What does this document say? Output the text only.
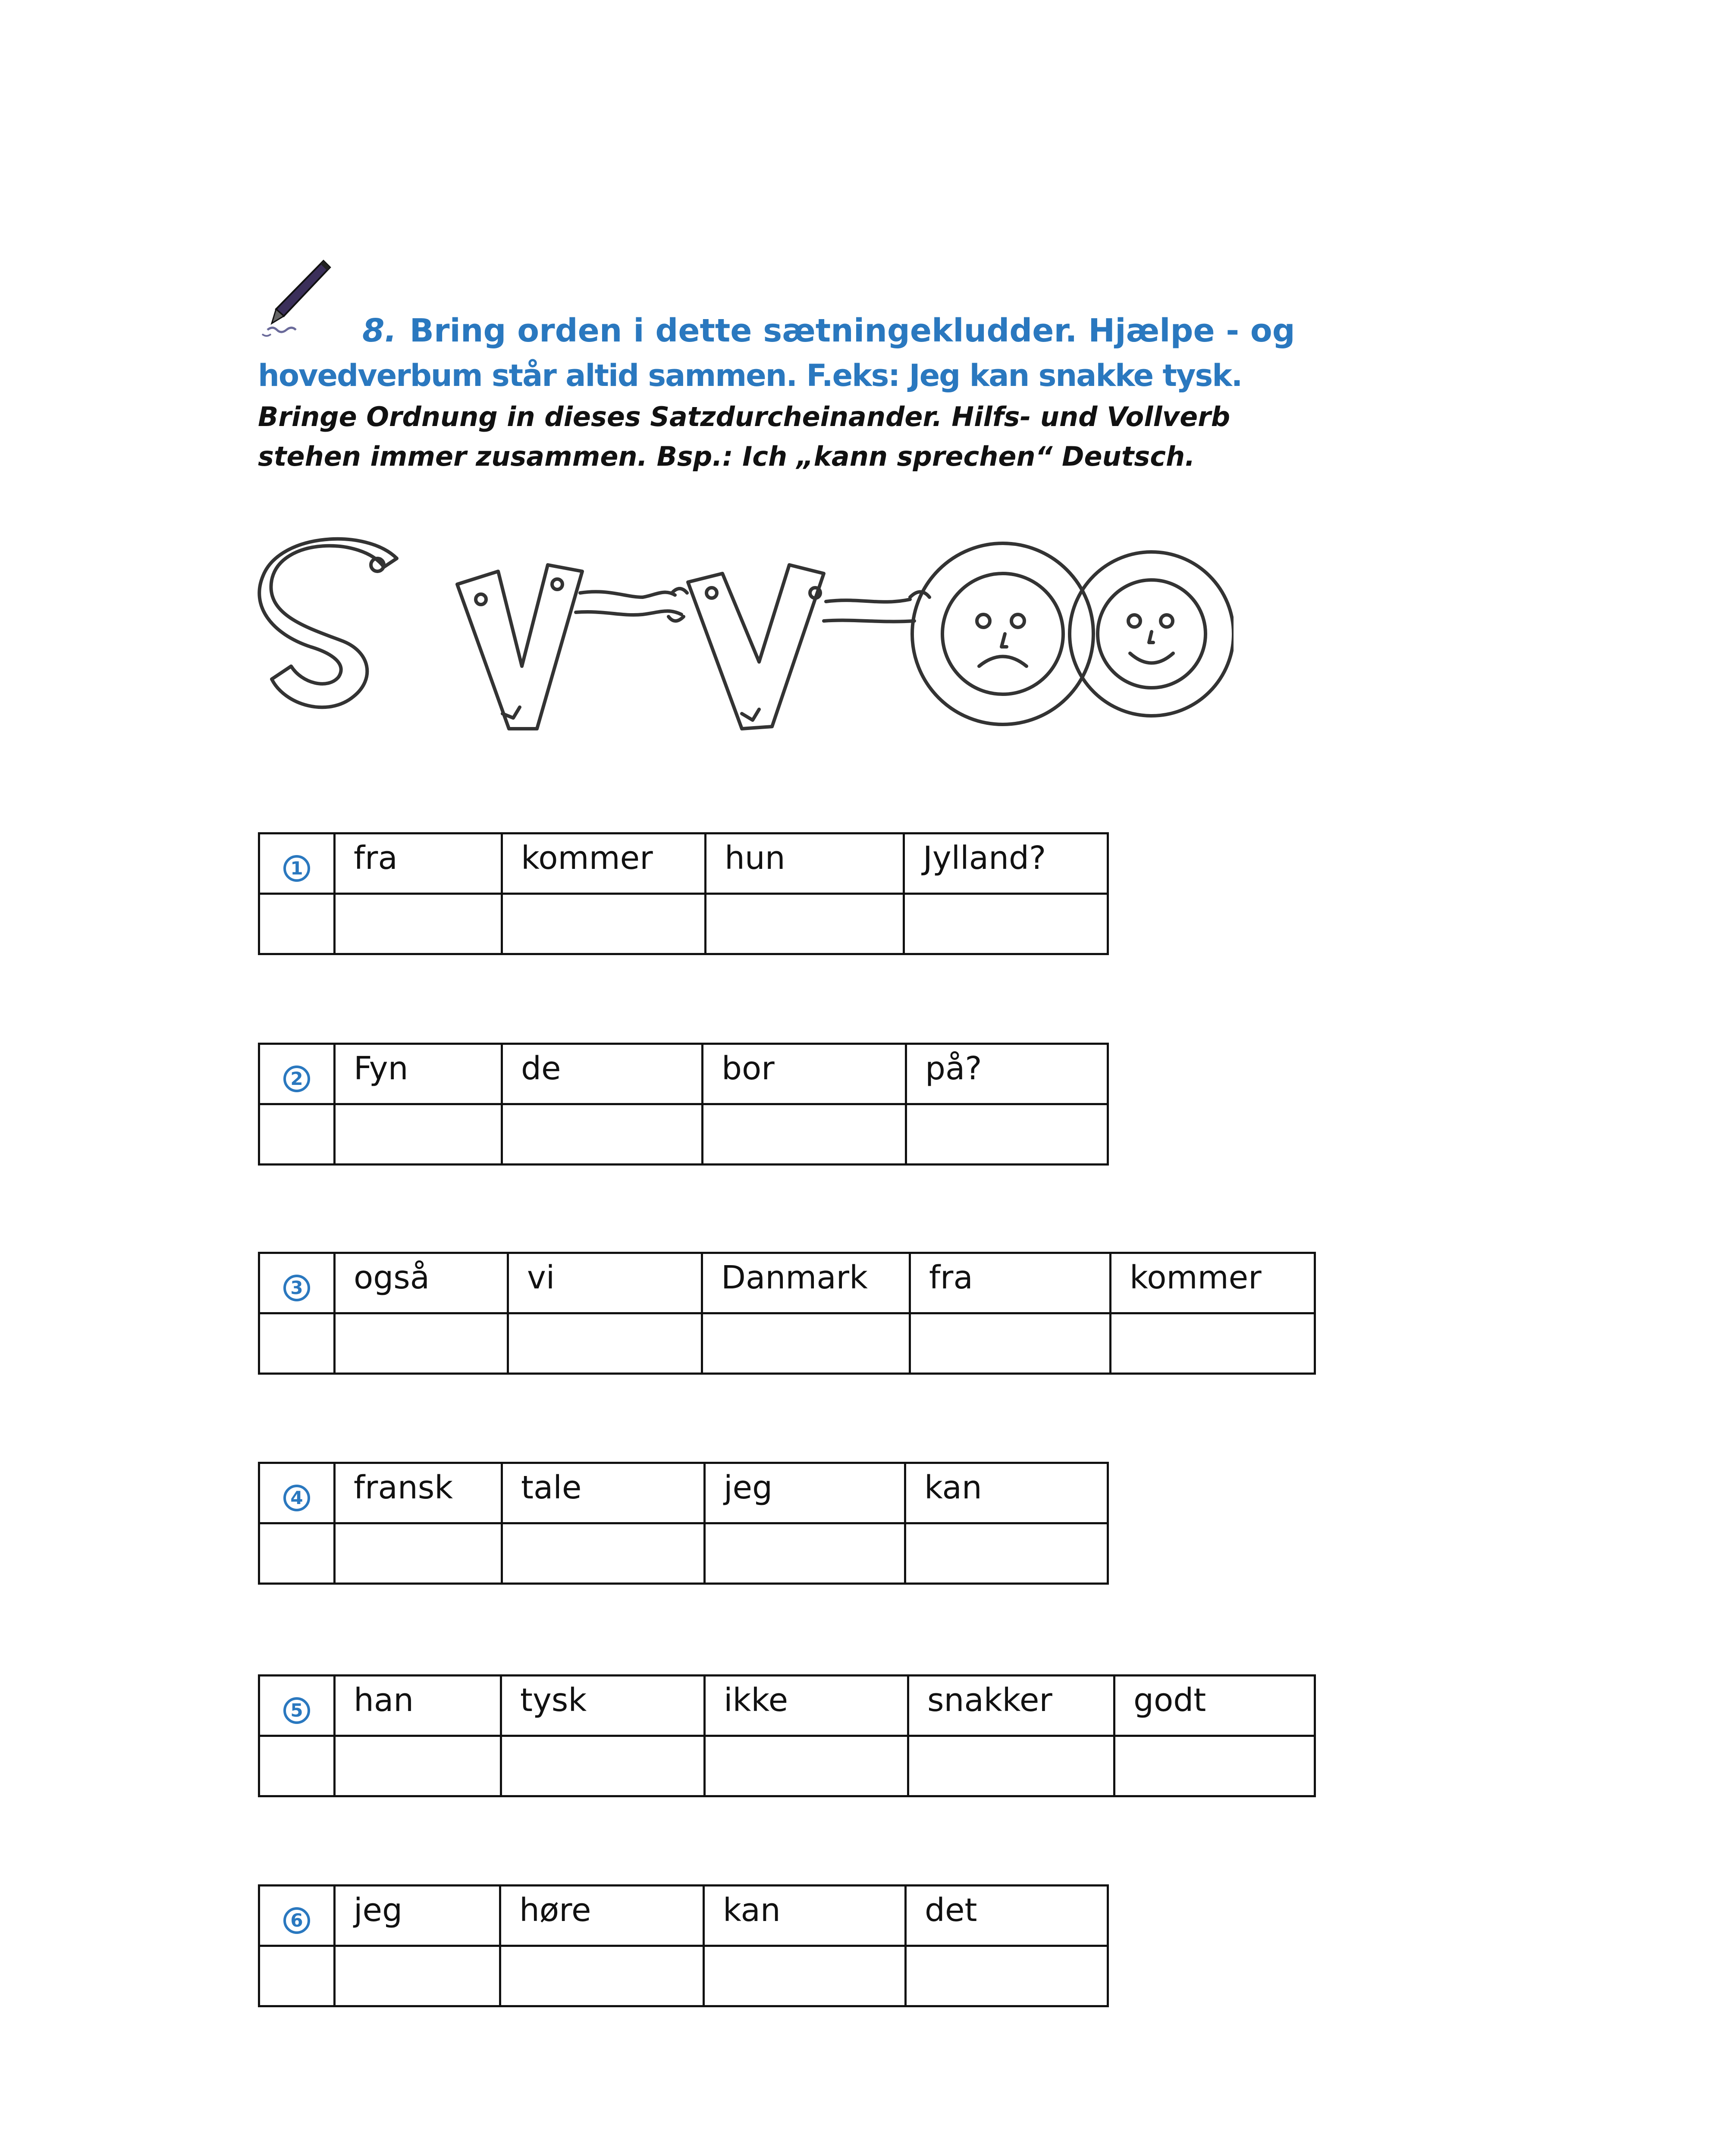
8. Bring orden i dette sætningekludder. Hjælpe - og
hovedverbum står altid sammen. F.eks: Jeg kan snakke tysk.
Bringe Ordnung in dieses Satzdurcheinander. Hilfs- und Vollverb
stehen immer zusammen. Bsp.: Ich „kann sprechen“ Deutsch.
1	fra	kommer	hun	Jylland?

2	Fyn	de	bor	på?

3	også	vi	Danmark	fra	kommer

4	fransk	tale	jeg	kan

5	han	tysk	ikke	snakker	godt

6	jeg	høre	kan	det
